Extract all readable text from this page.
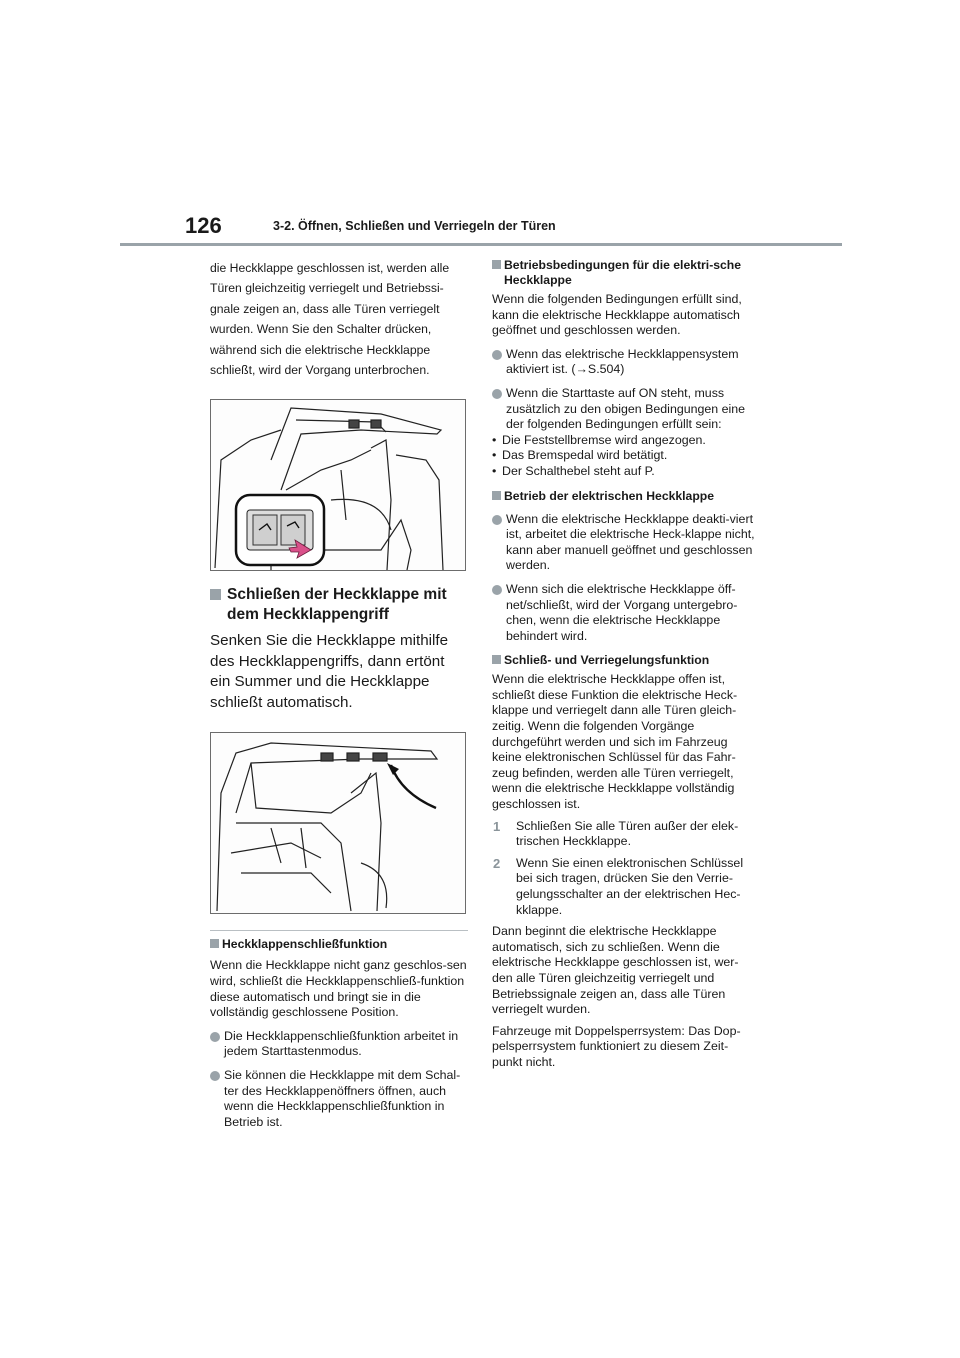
126	3-2. Öffnen, Schließen und Verriegeln der Türen

die Heckklappe geschlossen ist, werden alle Türen gleichzeitig verriegelt und Betriebssi-gnale zeigen an, dass alle Türen verriegelt wurden. Wenn Sie den Schalter drücken, während sich die elektrische Heckklappe schließt, wird der Vorgang unterbrochen.

Schließen der Heckklappe mit dem Heckklappengriff

Senken Sie die Heckklappe mithilfe des Heckklappengriffs, dann ertönt ein Summer und die Heckklappe schließt automatisch.

Heckklappenschließfunktion

Wenn die Heckklappe nicht ganz geschlos-sen wird, schließt die Heckklappenschließ-funktion diese automatisch und bringt sie in die vollständig geschlossene Position.

Die Heckklappenschließfunktion arbeitet in jedem Starttastenmodus.
Sie können die Heckklappe mit dem Schal-ter des Heckklappenöffners öffnen, auch wenn die Heckklappenschließfunktion in Betrieb ist.
Betriebsbedingungen für die elektri-sche Heckklappe

Wenn die folgenden Bedingungen erfüllt sind, kann die elektrische Heckklappe automatisch geöffnet und geschlossen werden.

Wenn das elektrische Heckklappensystem aktiviert ist. (→S.504)
Wenn die Starttaste auf ON steht, muss zusätzlich zu den obigen Bedingungen eine der folgenden Bedingungen erfüllt sein:
• Die Feststellbremse wird angezogen.
• Das Bremspedal wird betätigt.
• Der Schalthebel steht auf P.
Betrieb der elektrischen Heckklappe
Wenn die elektrische Heckklappe deakti-viert ist, arbeitet die elektrische Heck-klappe nicht, kann aber manuell geöffnet und geschlossen werden.
Wenn sich die elektrische Heckklappe öff-net/schließt, wird der Vorgang untergebro-chen, wenn die elektrische Heckklappe behindert wird.
Schließ- und Verriegelungsfunktion

Wenn die elektrische Heckklappe offen ist, schließt diese Funktion die elektrische Heck-klappe und verriegelt dann alle Türen gleich-zeitig. Wenn die folgenden Vorgänge durchgeführt werden und sich im Fahrzeug keine elektronischen Schlüssel für das Fahr-zeug befinden, werden alle Türen verriegelt, wenn die elektrische Heckklappe vollständig geschlossen ist.

1 Schließen Sie alle Türen außer der elek-trischen Heckklappe.
2 Wenn Sie einen elektronischen Schlüssel bei sich tragen, drücken Sie den Verrie-gelungsschalter an der elektrischen Hec-kklappe.

Dann beginnt die elektrische Heckklappe automatisch, sich zu schließen. Wenn die elektrische Heckklappe geschlossen ist, wer-den alle Türen gleichzeitig verriegelt und Betriebssignale zeigen an, dass alle Türen verriegelt wurden.

Fahrzeuge mit Doppelsperrsystem: Das Dop-pelsperrsystem funktioniert zu diesem Zeit-punkt nicht.
